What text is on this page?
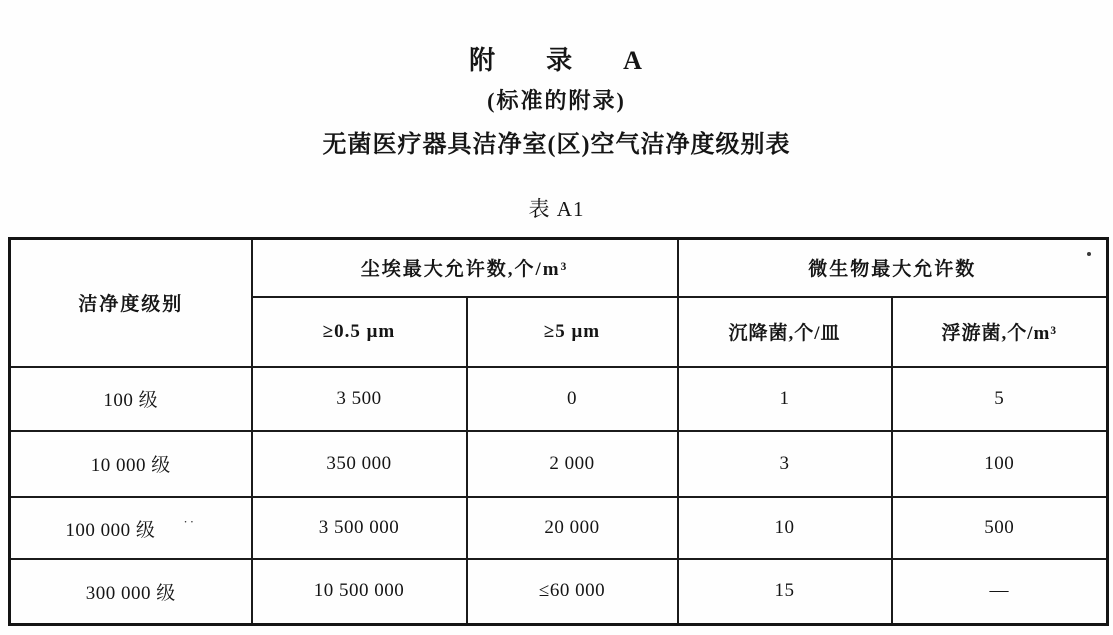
附  录  A
(标准的附录)
无菌医疗器具洁净室(区)空气洁净度级别表
表 A1
洁净度级别	尘埃最大允许数,个/m³		微生物最大允许数	
	≥0.5 μm	≥5 μm	沉降菌,个/皿	浮游菌,个/m³
100 级	3 500	0	1	5
10 000 级	350 000	2 000	3	100
100 000 级 ··	3 500 000	20 000	10	500
300 000 级	10 500 000	≤60 000	15	—
